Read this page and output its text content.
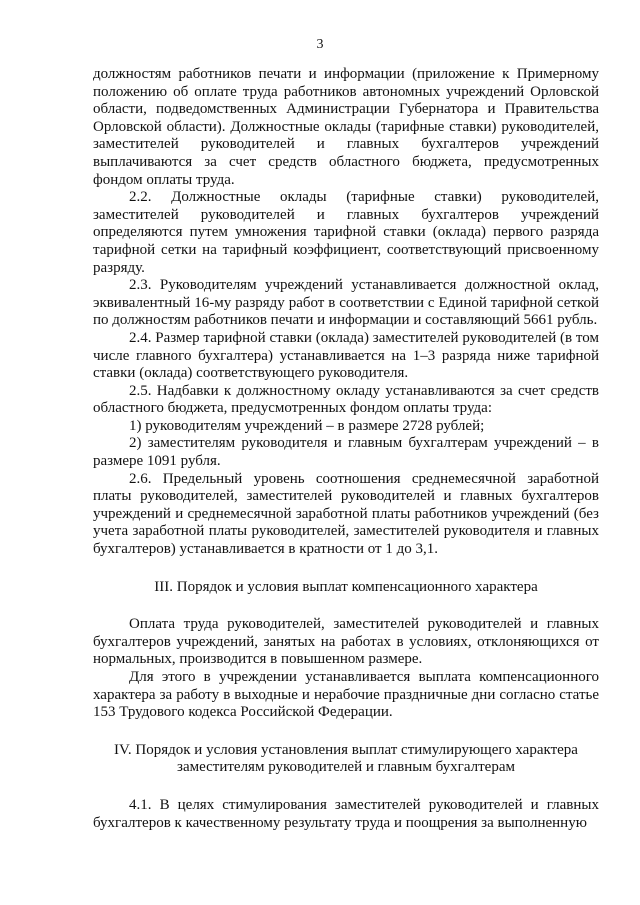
3

должностям работников печати и информации (приложение к Примерному положению об оплате труда работников автономных учреждений Орловской области, подведомственных Администрации Губернатора и Правительства Орловской области). Должностные оклады (тарифные ставки) руководителей, заместителей руководителей и главных бухгалтеров учреждений выплачиваются за счет средств областного бюджета, предусмотренных фондом оплаты труда.

2.2. Должностные оклады (тарифные ставки) руководителей, заместителей руководителей и главных бухгалтеров учреждений определяются путем умножения тарифной ставки (оклада) первого разряда тарифной сетки на тарифный коэффициент, соответствующий присвоенному разряду.

2.3. Руководителям учреждений устанавливается должностной оклад, эквивалентный 16-му разряду работ в соответствии с Единой тарифной сеткой по должностям работников печати и информации и составляющий 5661 рубль.

2.4. Размер тарифной ставки (оклада) заместителей руководителей (в том числе главного бухгалтера) устанавливается на 1–3 разряда ниже тарифной ставки (оклада) соответствующего руководителя.

2.5. Надбавки к должностному окладу устанавливаются за счет средств областного бюджета, предусмотренных фондом оплаты труда:

1) руководителям учреждений – в размере 2728 рублей;

2) заместителям руководителя и главным бухгалтерам учреждений – в размере 1091 рубля.

2.6. Предельный уровень соотношения среднемесячной заработной платы руководителей, заместителей руководителей и главных бухгалтеров учреждений и среднемесячной заработной платы работников учреждений (без учета заработной платы руководителей, заместителей руководителя и главных бухгалтеров) устанавливается в кратности от 1 до 3,1.

III. Порядок и условия выплат компенсационного характера

Оплата труда руководителей, заместителей руководителей и главных бухгалтеров учреждений, занятых на работах в условиях, отклоняющихся от нормальных, производится в повышенном размере.

Для этого в учреждении устанавливается выплата компенсационного характера за работу в выходные и нерабочие праздничные дни согласно статье 153 Трудового кодекса Российской Федерации.

IV. Порядок и условия установления выплат стимулирующего характера
заместителям руководителей и главным бухгалтерам

4.1. В целях стимулирования заместителей руководителей и главных бухгалтеров к качественному результату труда и поощрения за выполненную
